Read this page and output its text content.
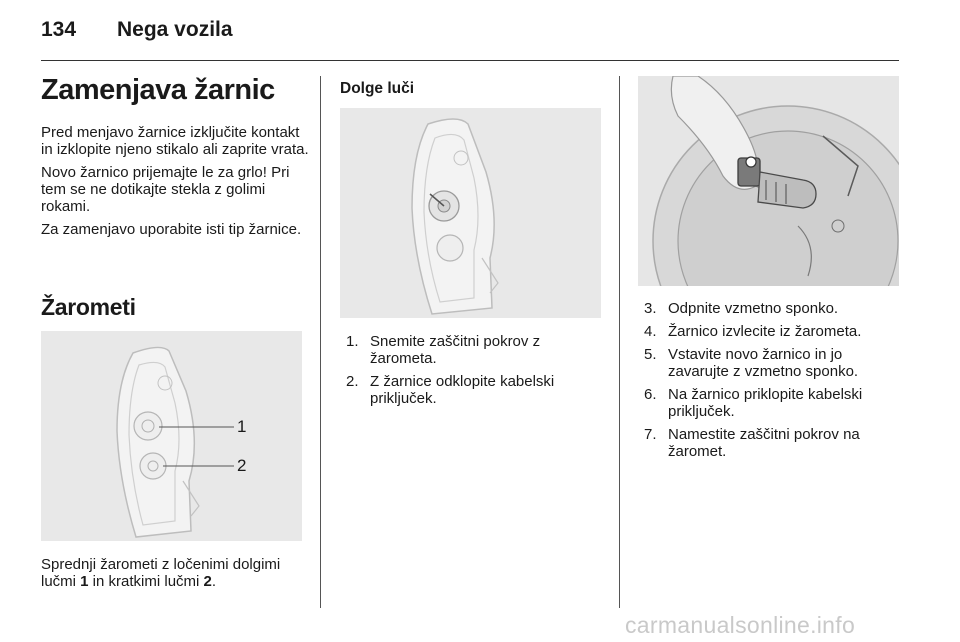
134 Nega vozila
Zamenjava žarnic

Pred menjavo žarnice izključite kontakt in izklopite njeno stikalo ali zaprite vrata.

Novo žarnico prijemajte le za grlo! Pri tem se ne dotikajte stekla z golimi rokami.

Za zamenjavo uporabite isti tip žarnice.

Žarometi
1
2
Sprednji žarometi z ločenimi dolgimi lučmi 1 in kratkimi lučmi 2.
Dolge luči
1. Snemite zaščitni pokrov z žarometa.
2. Z žarnice odklopite kabelski priključek.
3. Odpnite vzmetno sponko.
4. Žarnico izvlecite iz žarometa.
5. Vstavite novo žarnico in jo zavarujte z vzmetno sponko.
6. Na žarnico priklopite kabelski priključek.
7. Namestite zaščitni pokrov na žaromet.
carmanualsonline.info
